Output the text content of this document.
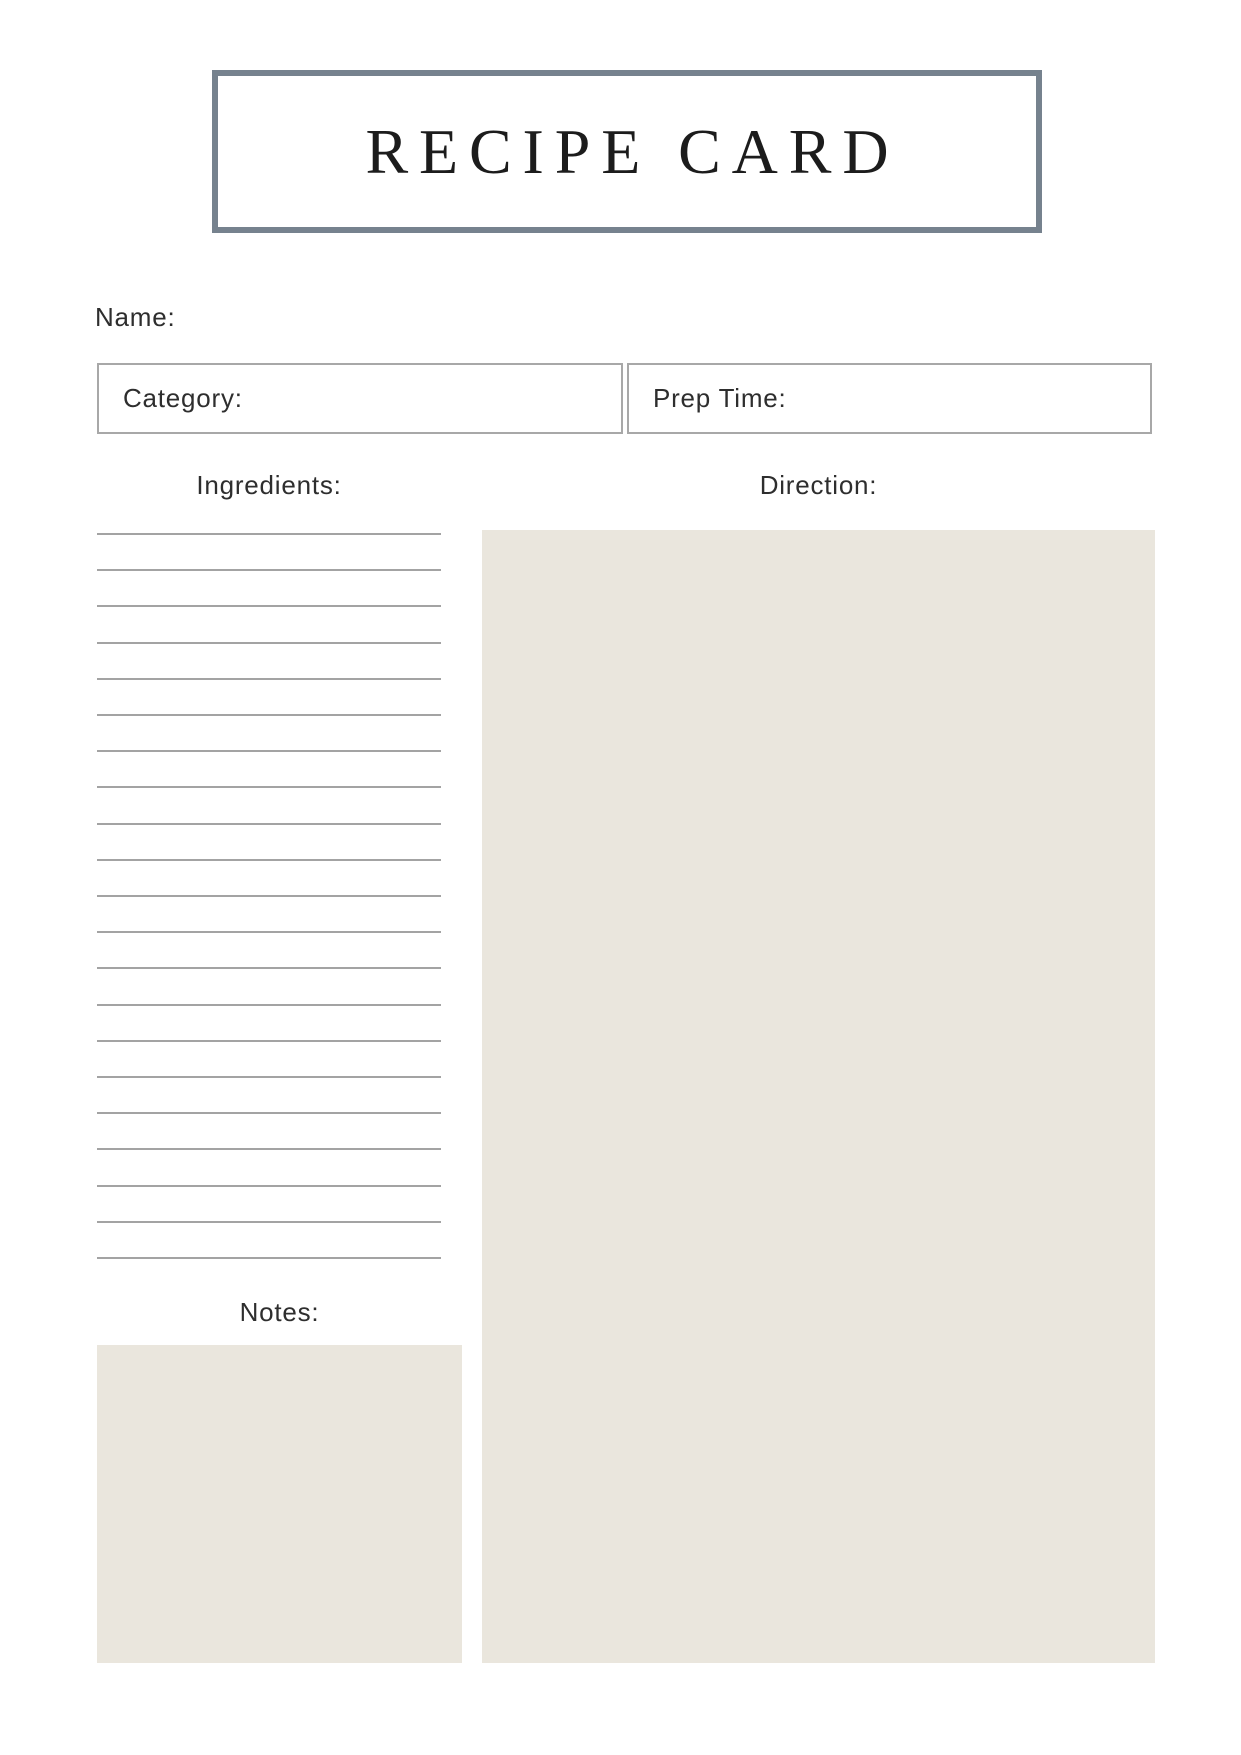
RECIPE CARD
Name:
Category:	Prep Time:
Ingredients:	Direction:
Notes:
